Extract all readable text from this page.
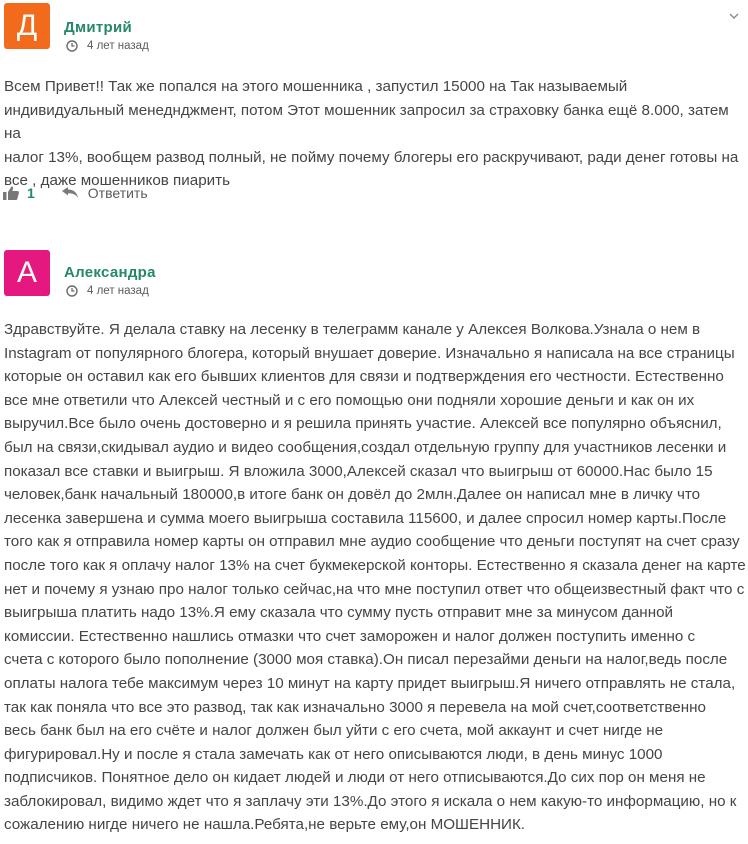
Д	Дмитрий
4 лет назад
Всем Привет!! Так же попался на этого мошенника , запустил 15000 на Так называемый
индивидуальный менеднджмент, потом Этот мошенник запросил за страховку банка ещё 8.000, затем на
налог 13%, вообщем развод полный, не пойму почему блогеры его раскручивают, ради денег готовы на
все , даже мошенников пиарить
1	Ответить
А	Александра
4 лет назад
Здравствуйте. Я делала ставку на лесенку в телеграмм канале у Алексея Волкова.Узнала о нем в
Instagram от популярного блогера, который внушает доверие. Изначально я написала на все страницы
которые он оставил как его бывших клиентов для связи и подтверждения его честности. Естественно
все мне ответили что Алексей честный и с его помощью они подняли хорошие деньги и как он их
выручил.Все было очень достоверно и я решила принять участие. Алексей все популярно объяснил,
был на связи,скидывал аудио и видео сообщения,создал отдельную группу для участников лесенки и
показал все ставки и выигрыш. Я вложила 3000,Алексей сказал что выигрыш от 60000.Нас было 15
человек,банк начальный 180000,в итоге банк он довёл до 2млн.Далее он написал мне в личку что
лесенка завершена и сумма моего выигрыша составила 115600, и далее спросил номер карты.После
того как я отправила номер карты он отправил мне аудио сообщение что деньги поступят на счет сразу
после того как я оплачу налог 13% на счет букмекерской конторы. Естественно я сказала денег на карте
нет и почему я узнаю про налог только сейчас,на что мне поступил ответ что общеизвестный факт что с
выигрыша платить надо 13%.Я ему сказала что сумму пусть отправит мне за минусом данной
комиссии. Естественно нашлись отмазки что счет заморожен и налог должен поступить именно с
счета с которого было пополнение (3000 моя ставка).Он писал перезайми деньги на налог,ведь после
оплаты налога тебе максимум через 10 минут на карту придет выигрыш.Я ничего отправлять не стала,
так как поняла что все это развод, так как изначально 3000 я перевела на мой счет,соответственно
весь банк был на его счёте и налог должен был уйти с его счета, мой аккаунт и счет нигде не
фигурировал.Ну и после я стала замечать как от него описываются люди, в день минус 1000
подписчиков. Понятное дело он кидает людей и люди от него отписываются.До сих пор он меня не
заблокировал, видимо ждет что я заплачу эти 13%.До этого я искала о нем какую-то информацию, но к
сожалению нигде ничего не нашла.Ребята,не верьте ему,он МОШЕННИК.
